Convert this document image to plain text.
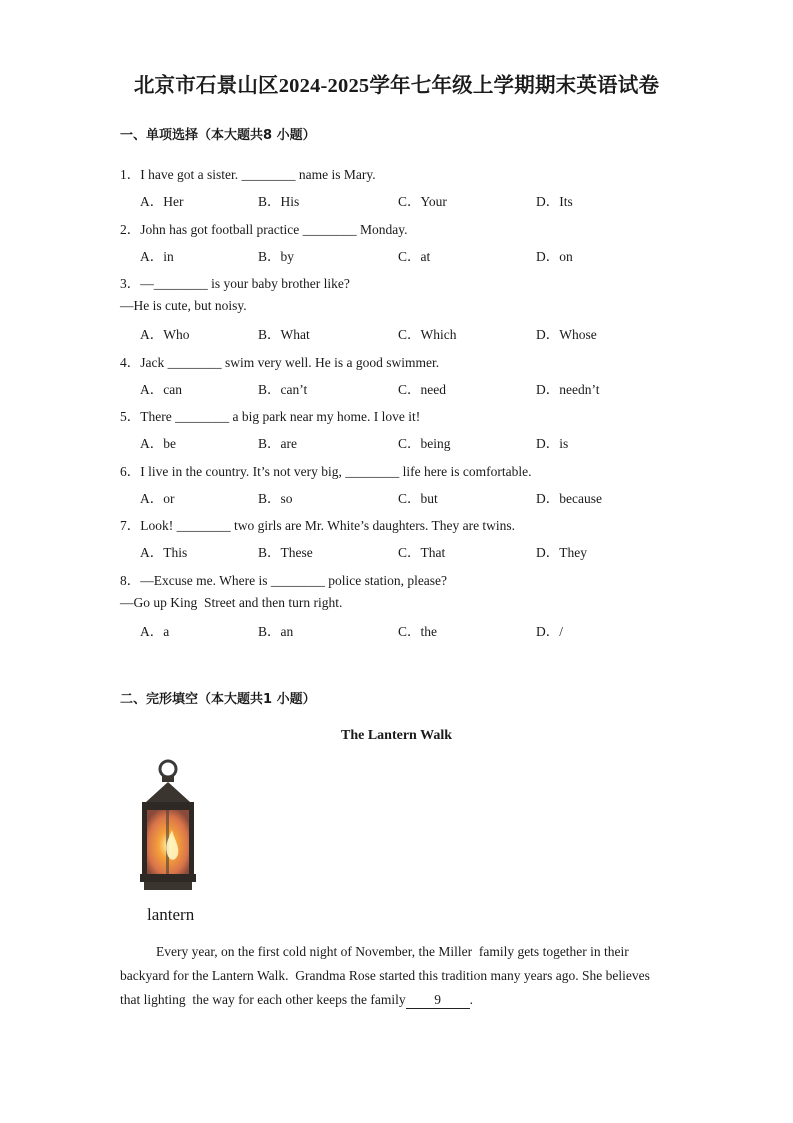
北京市石景山区2024-2025学年七年级上学期期末英语试卷
一、单项选择（本大题共8 小题）
1．I have got a sister. ________ name is Mary.
A．Her	B．His	C．Your	D．Its
2．John has got football practice ________ Monday.
A．in	B．by	C．at	D．on
3．—________ is your baby brother like?
—He is cute, but noisy.
A．Who	B．What	C．Which	D．Whose
4．Jack ________ swim very well. He is a good swimmer.
A．can	B．can’t	C．need	D．needn’t
5．There ________ a big park near my home. I love it!
A．be	B．are	C．being	D．is
6．I live in the country. It’s not very big, ________ life here is comfortable.
A．or	B．so	C．but	D．because
7．Look! ________ two girls are Mr. White’s daughters. They are twins.
A．This	B．These	C．That	D．They
8．—Excuse me. Where is ________ police station, please?
—Go up King  Street and then turn right.
A．a	B．an	C．the	D．/
二、完形填空（本大题共1 小题）
The Lantern Walk
lantern
Every year, on the first cold night of November, the Miller  family gets together in their
backyard for the Lantern Walk.  Grandma Rose started this tradition many years ago. She believes
that lighting  the way for each other keeps the family 9 .
